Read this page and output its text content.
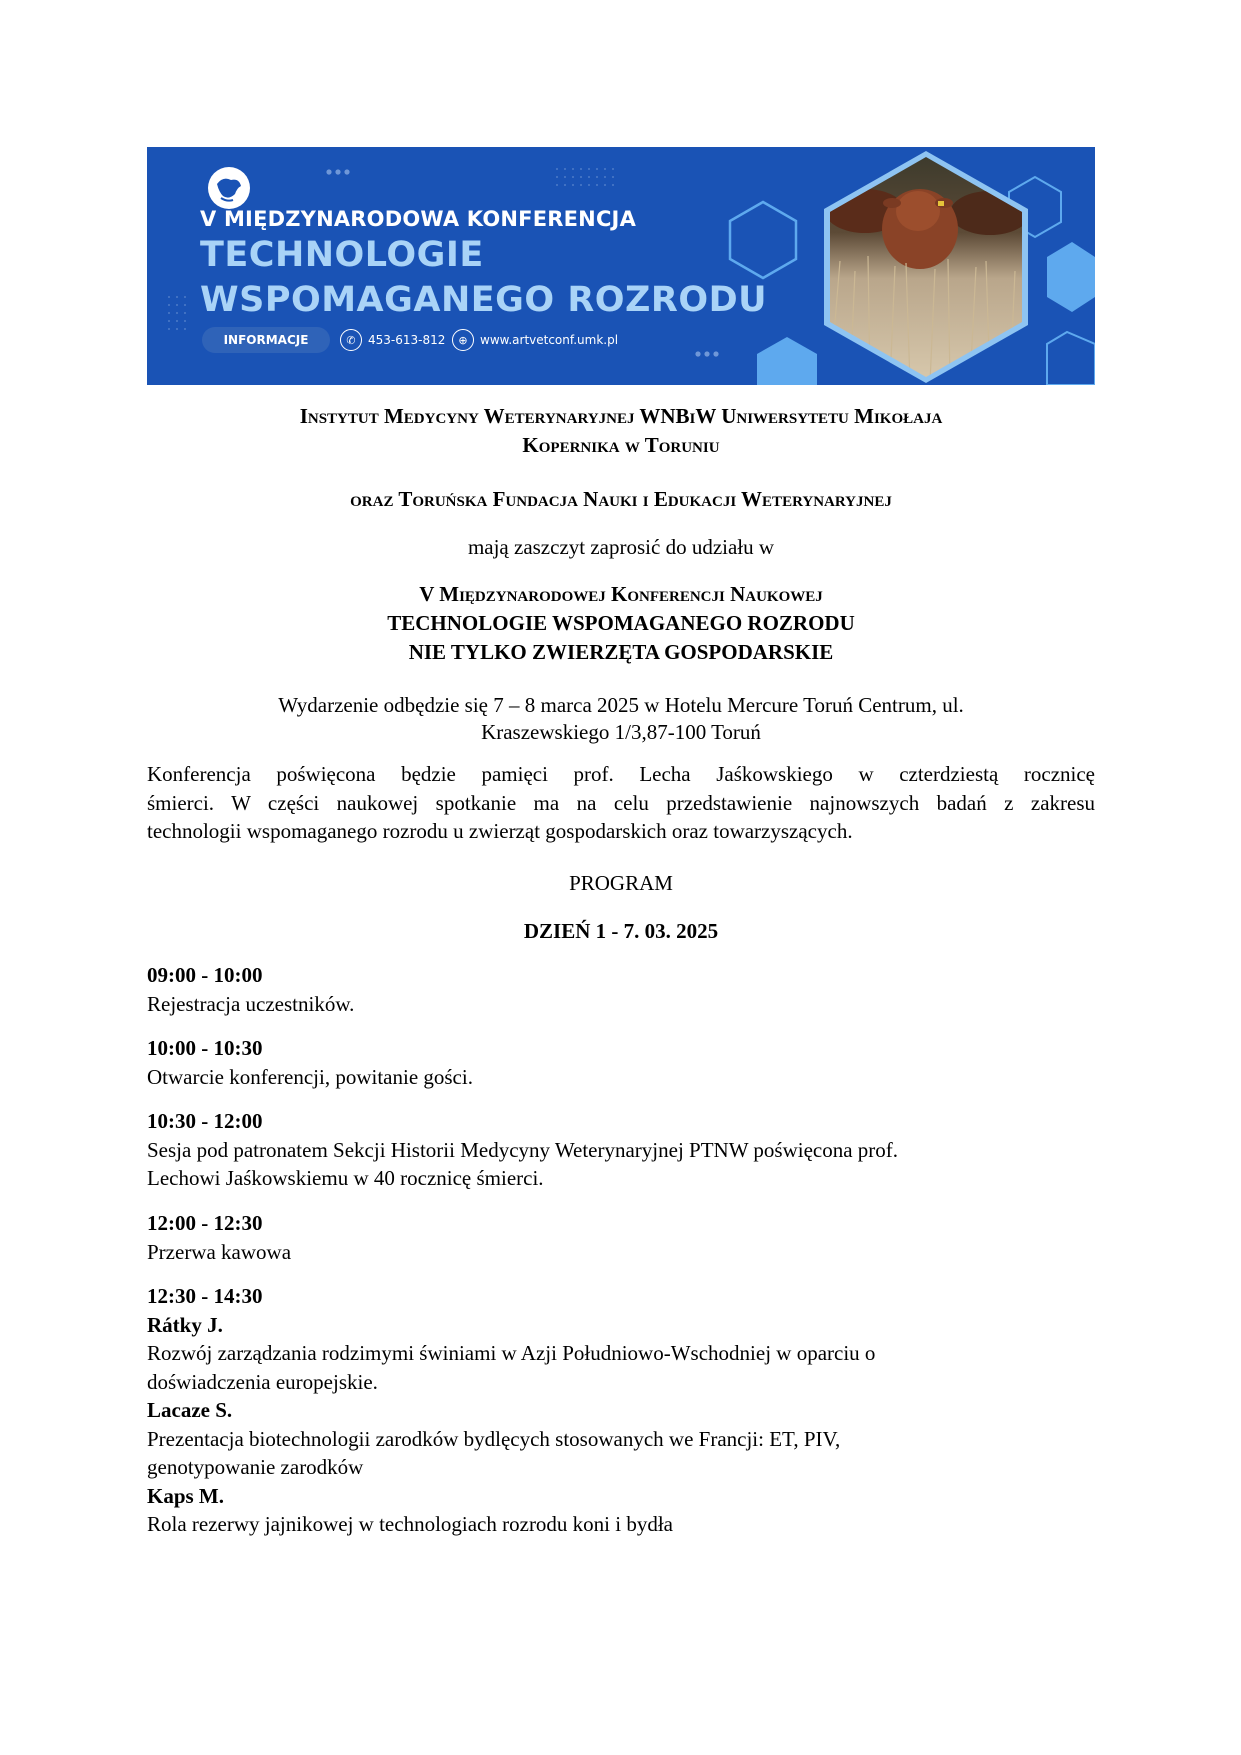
V MIĘDZYNARODOWA KONFERENCJA
TECHNOLOGIE
WSPOMAGANEGO ROZRODU
INFORMACJE	✆	453-613-812	⊕	www.artvetconf.umk.pl
Instytut Medycyny Weterynaryjnej WNBiW Uniwersytetu Mikołaja
Kopernika w Toruniu
oraz Toruńska Fundacja Nauki i Edukacji Weterynaryjnej
mają zaszczyt zaprosić do udziału w
V Międzynarodowej Konferencji Naukowej
TECHNOLOGIE WSPOMAGANEGO ROZRODU
NIE TYLKO ZWIERZĘTA GOSPODARSKIE
Wydarzenie odbędzie się 7 – 8 marca 2025 w Hotelu Mercure Toruń Centrum, ul.
Kraszewskiego 1/3,87-100 Toruń
Konferencja poświęcona będzie pamięci prof. Lecha Jaśkowskiego w czterdziestą rocznicę
śmierci. W części naukowej spotkanie ma na celu przedstawienie najnowszych badań z zakresu
technologii wspomaganego rozrodu u zwierząt gospodarskich oraz towarzyszących.
PROGRAM
DZIEŃ 1 - 7. 03. 2025
09:00 - 10:00
Rejestracja uczestników.
10:00 - 10:30
Otwarcie konferencji, powitanie gości.
10:30 - 12:00
Sesja pod patronatem Sekcji Historii Medycyny Weterynaryjnej PTNW poświęcona prof.
Lechowi Jaśkowskiemu w 40 rocznicę śmierci.
12:00 - 12:30
Przerwa kawowa
12:30 - 14:30
Rátky J.
Rozwój zarządzania rodzimymi świniami w Azji Południowo-Wschodniej w oparciu o
doświadczenia europejskie.
Lacaze S.
Prezentacja biotechnologii zarodków bydlęcych stosowanych we Francji: ET, PIV,
genotypowanie zarodków
Kaps M.
Rola rezerwy jajnikowej w technologiach rozrodu koni i bydła
